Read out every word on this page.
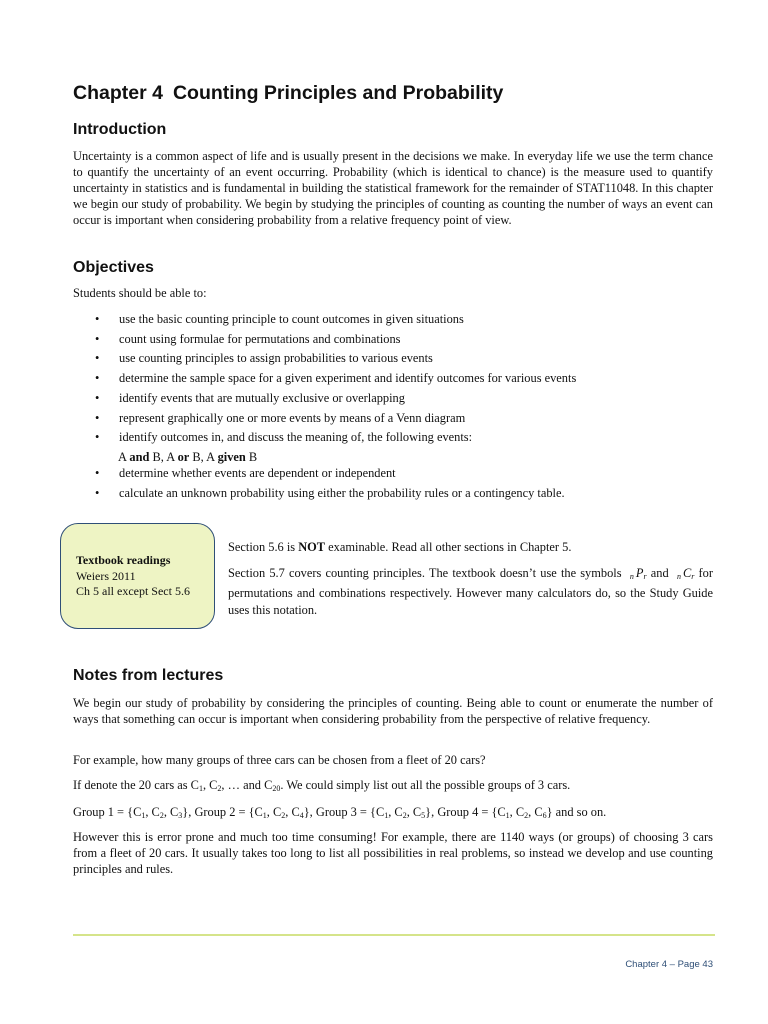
Chapter 4 Counting Principles and Probability
Introduction

Uncertainty is a common aspect of life and is usually present in the decisions we make. In everyday life we use the term chance to quantify the uncertainty of an event occurring. Probability (which is identical to chance) is the measure used to quantify uncertainty in statistics and is fundamental in building the statistical framework for the remainder of STAT11048. In this chapter we begin our study of probability. We begin by studying the principles of counting as counting the number of ways an event can occur is important when considering probability from a relative frequency point of view.

Objectives

Students should be able to:

• use the basic counting principle to count outcomes in given situations
• count using formulae for permutations and combinations
• use counting principles to assign probabilities to various events
• determine the sample space for a given experiment and identify outcomes for various events
• identify events that are mutually exclusive or overlapping
• represent graphically one or more events by means of a Venn diagram
• identify outcomes in, and discuss the meaning of, the following events:
• determine whether events are dependent or independent
• calculate an unknown probability using either the probability rules or a contingency table.
A and B, A or B, A given B
Textbook readings
Weiers 2011
Ch 5 all except Sect 5.6

Section 5.6 is NOT examinable. Read all other sections in Chapter 5.

Section 5.7 covers counting principles. The textbook doesn’t use the symbols n $P_r$ and n $C_r$ for permutations and combinations respectively. However many calculators do, so the Study Guide uses this notation.

Notes from lectures

We begin our study of probability by considering the principles of counting. Being able to count or enumerate the number of ways that something can occur is important when considering probability from the perspective of relative frequency.

For example, how many groups of three cars can be chosen from a fleet of 20 cars?

If denote the 20 cars as $C_1$, $C_2$, … and $C_{20}$. We could simply list out all the possible groups of 3 cars.

Group $1 = \{C_1$, $C_2$, $C_3$}, Group $2 = \{C_1$, $C_2$, $C_4$}, Group $3 = \{C_1$, $C_2$, $C_5$}, Group $4 = \{C_1$, $C_2$, $C_6$} and so on.

However this is error prone and much too time consuming! For example, there are 1140 ways (or groups) of choosing 3 cars from a fleet of 20 cars. It usually takes too long to list all possibilities in real problems, so instead we develop and use counting principles and rules.

Chapter 4 – Page 43
